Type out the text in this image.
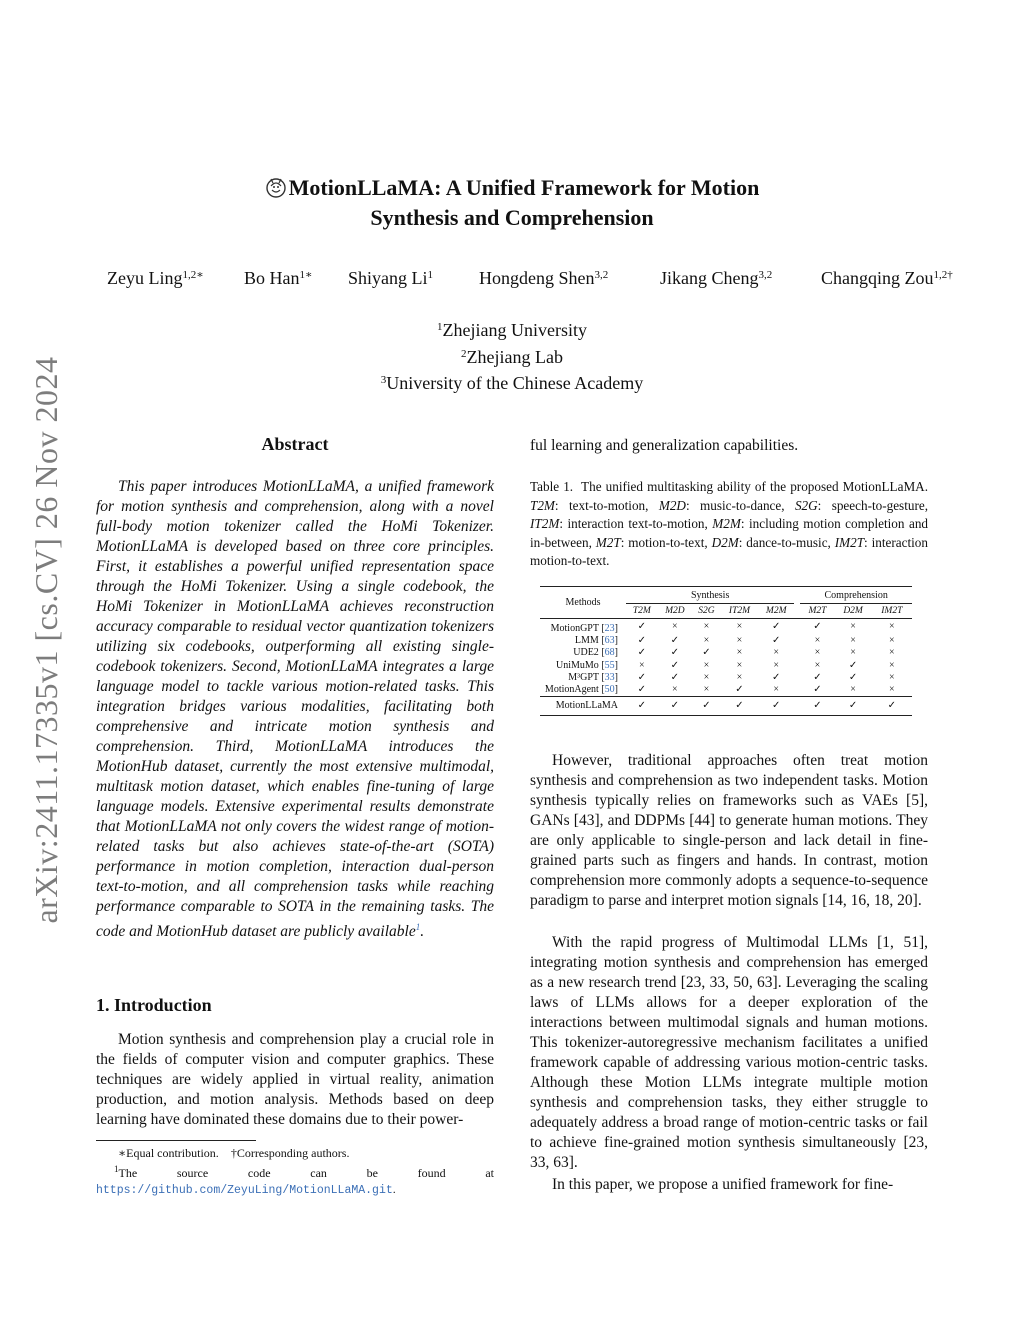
arXiv:2411.17335v1 [cs.CV] 26 Nov 2024
MotionLLaMA: A Unified Framework for Motion
Synthesis and Comprehension
Zeyu Ling$^{1,2∗}$ Bo Han$^{1∗}$ Shiyang Li$^1$	Hongdeng Shen$^{3,2}$	Jikang Cheng$^{3,2}$	Changqing Zou$^{1,2\dagger}$
$^1$Zhejiang University
$^2$Zhejiang Lab
$^3$University of the Chinese Academy
Abstract
This paper introduces MotionLLaMA, a unified framework for motion synthesis and comprehension, along with a novel full-body motion tokenizer called the HoMi Tokenizer. MotionLLaMA is developed based on three core principles. First, it establishes a powerful unified representation space through the HoMi Tokenizer. Using a single codebook, the HoMi Tokenizer in MotionLLaMA achieves reconstruction accuracy comparable to residual vector quantization tokenizers utilizing six codebooks, outperforming all existing single-codebook tokenizers. Second, MotionLLaMA integrates a large language model to tackle various motion-related tasks. This integration bridges various modalities, facilitating both comprehensive and intricate motion synthesis and comprehension. Third, MotionLLaMA introduces the MotionHub dataset, currently the most extensive multimodal, multitask motion dataset, which enables fine-tuning of large language models. Extensive experimental results demonstrate that MotionLLaMA not only covers the widest range of motion-related tasks but also achieves state-of-the-art (SOTA) performance in motion completion, interaction dual-person text-to-motion, and all comprehension tasks while reaching performance comparable to SOTA in the remaining tasks. The code and MotionHub dataset are publicly available$^1$.
1. Introduction
Motion synthesis and comprehension play a crucial role in the fields of computer vision and computer graphics. These techniques are widely applied in virtual reality, animation production, and motion analysis. Methods based on deep learning have dominated these domains due to their power-
∗Equal contribution. †Corresponding authors.
$^1$The source code can be found at https://github.com/ZeyuLing/MotionLLaMA.git.
ful learning and generalization capabilities.
Table 1. The unified multitasking ability of the proposed MotionLLaMA. T2M: text-to-motion, M2D: music-to-dance, S2G: speech-to-gesture, IT2M: interaction text-to-motion, M2M: including motion completion and in-between, M2T: motion-to-text, D2M: dance-to-music, IM2T: interaction motion-to-text.
Methods	Synthesis						Comprehension		
	T2M	M2D	S2G	IT2M	M2M		M2T	D2M	IM2T
MotionGPT [23]	✓	×	×	×	✓		✓	×	×
LMM [63]	✓	✓	×	×	✓		×	×	×
UDE2 [68]	✓	✓	✓	×	×		×	×	×
UniMuMo [55]	×	✓	×	×	×		×	✓	×
M³GPT [33]	✓	✓	×	×	✓		✓	✓	×
MotionAgent [50]	✓	×	×	✓	×		✓	×	×
MotionLLaMA	✓	✓	✓	✓	✓		✓	✓	✓
However, traditional approaches often treat motion synthesis and comprehension as two independent tasks. Motion synthesis typically relies on frameworks such as VAEs [5], GANs [43], and DDPMs [44] to generate human motions. They are only applicable to single-person and lack detail in fine-grained parts such as fingers and hands. In contrast, motion comprehension more commonly adopts a sequence-to-sequence paradigm to parse and interpret motion signals [14, 16, 18, 20].
With the rapid progress of Multimodal LLMs [1, 51], integrating motion synthesis and comprehension has emerged as a new research trend [23, 33, 50, 63]. Leveraging the scaling laws of LLMs allows for a deeper exploration of the interactions between multimodal signals and human motions. This tokenizer-autoregressive mechanism facilitates a unified framework capable of addressing various motion-centric tasks. Although these Motion LLMs integrate multiple motion synthesis and comprehension tasks, they either struggle to adequately address a broad range of motion-centric tasks or fail to achieve fine-grained motion synthesis simultaneously [23, 33, 63].
In this paper, we propose a unified framework for fine-
